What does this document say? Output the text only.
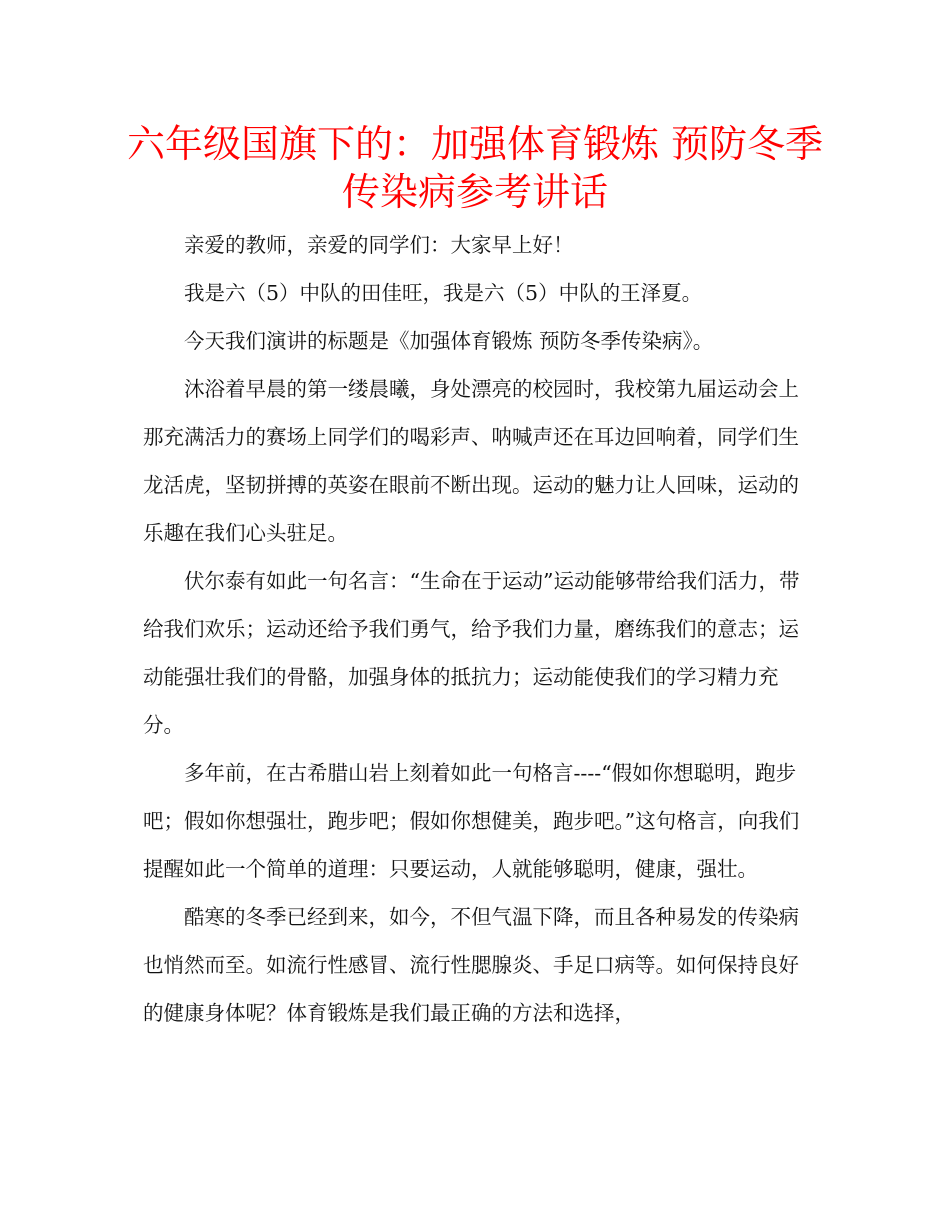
六年级国旗下的：加强体育锻炼 预防冬季
传染病参考讲话

亲爱的教师，亲爱的同学们：大家早上好！

我是六（5）中队的田佳旺，我是六（5）中队的王泽夏。

今天我们演讲的标题是《加强体育锻炼 预防冬季传染病》。

沐浴着早晨的第一缕晨曦，身处漂亮的校园时，我校第九届运动会上那充满活力的赛场上同学们的喝彩声、呐喊声还在耳边回响着，同学们生龙活虎，坚韧拼搏的英姿在眼前不断出现。运动的魅力让人回味，运动的乐趣在我们心头驻足。

伏尔泰有如此一句名言：“生命在于运动”运动能够带给我们活力，带给我们欢乐；运动还给予我们勇气，给予我们力量，磨练我们的意志；运动能强壮我们的骨骼，加强身体的抵抗力；运动能使我们的学习精力充分。

多年前，在古希腊山岩上刻着如此一句格言----“假如你想聪明，跑步吧；假如你想强壮，跑步吧；假如你想健美，跑步吧。”这句格言，向我们提醒如此一个简单的道理：只要运动，人就能够聪明，健康，强壮。

酷寒的冬季已经到来，如今，不但气温下降，而且各种易发的传染病也悄然而至。如流行性感冒、流行性腮腺炎、手足口病等。如何保持良好的健康身体呢？体育锻炼是我们最正确的方法和选择，
